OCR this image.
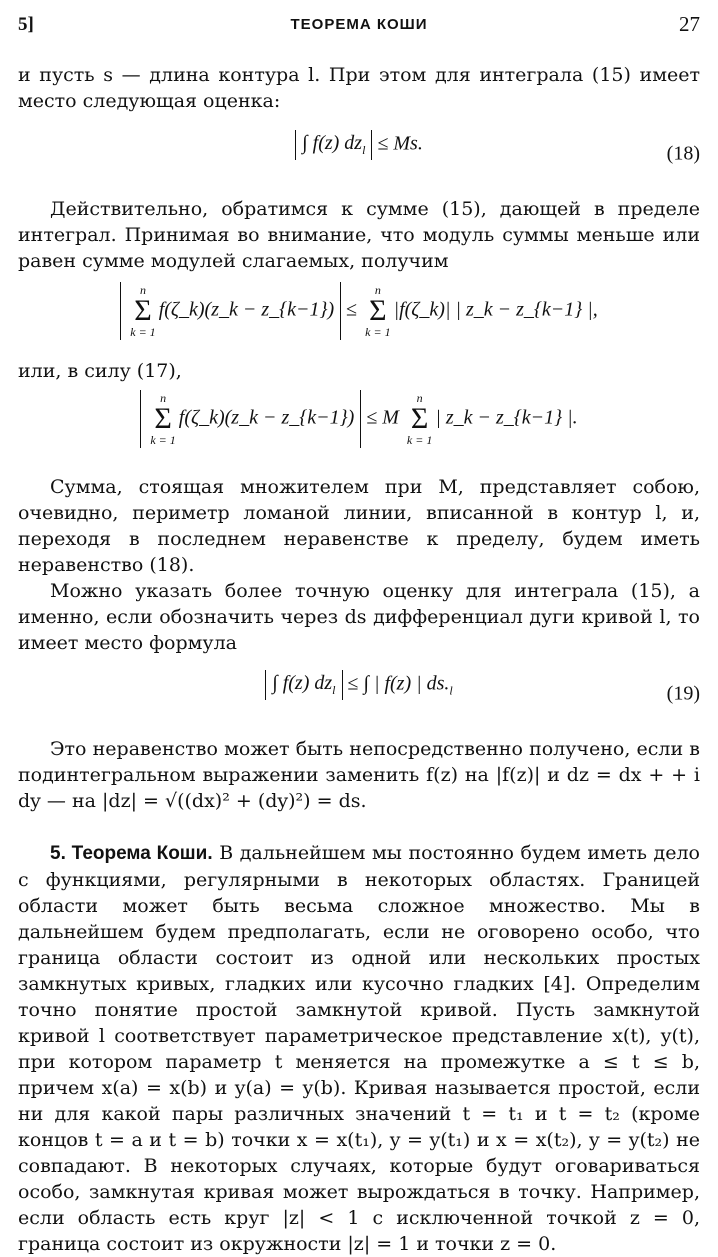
5]	ТЕОРЕМА КОШИ	27

и пусть s — длина контура l. При этом для интеграла (15) имеет место следующая оценка:

∫ f(z) $dz_l \le Ms$.	(18)

Действительно, обратимся к сумме (15), дающей в пределе интеграл. Принимая во внимание, что модуль суммы меньше или равен сумме модулей слагаемых, получим

n
Σ
k = 1
f(ζ_k)(z_k − z_{k−1}) ≤
n
Σ
k = 1
|f(ζ_k)| | z_k − z_{k−1} |,

или, в силу (17),

n
Σ
k = 1
f(ζ_k)(z_k − z_{k−1}) ≤ M
n
Σ
k = 1
| z_k − z_{k−1} |.

Сумма, стоящая множителем при M, представляет собою, очевидно, периметр ломаной линии, вписанной в контур l, и, переходя в последнем неравенстве к пределу, будем иметь неравенство (18).

Можно указать более точную оценку для интеграла (15), а именно, если обозначить через ds дифференциал дуги кривой l, то имеет место формула

∫ f(z) $dz_l$ ≤ ∫ | f(z) | $ds._l$	(19)

Это неравенство может быть непосредственно получено, если в подинтегральном выражении заменить f(z) на |f(z)| и dz = dx + + i dy — на |dz| = √((dx)² + (dy)²) = ds.

5. Теорема Коши. В дальнейшем мы постоянно будем иметь дело с функциями, регулярными в некоторых областях. Границей области может быть весьма сложное множество. Мы в дальнейшем будем предполагать, если не оговорено особо, что граница области состоит из одной или нескольких простых замкнутых кривых, гладких или кусочно гладких [4]. Определим точно понятие простой замкнутой кривой. Пусть замкнутой кривой l соответствует параметрическое представление x(t), y(t), при котором параметр t меняется на промежутке a ≤ t ≤ b, причем x(a) = x(b) и y(a) = y(b). Кривая называется простой, если ни для какой пары различных значений t = t₁ и t = t₂ (кроме концов t = a и t = b) точки x = x(t₁), y = y(t₁) и x = x(t₂), y = y(t₂) не совпадают. В некоторых случаях, которые будут оговариваться особо, замкнутая кривая может вырождаться в точку. Например, если область есть круг |z| < 1 с исключенной точкой z = 0, граница состоит из окружности |z| = 1 и точки z = 0.
